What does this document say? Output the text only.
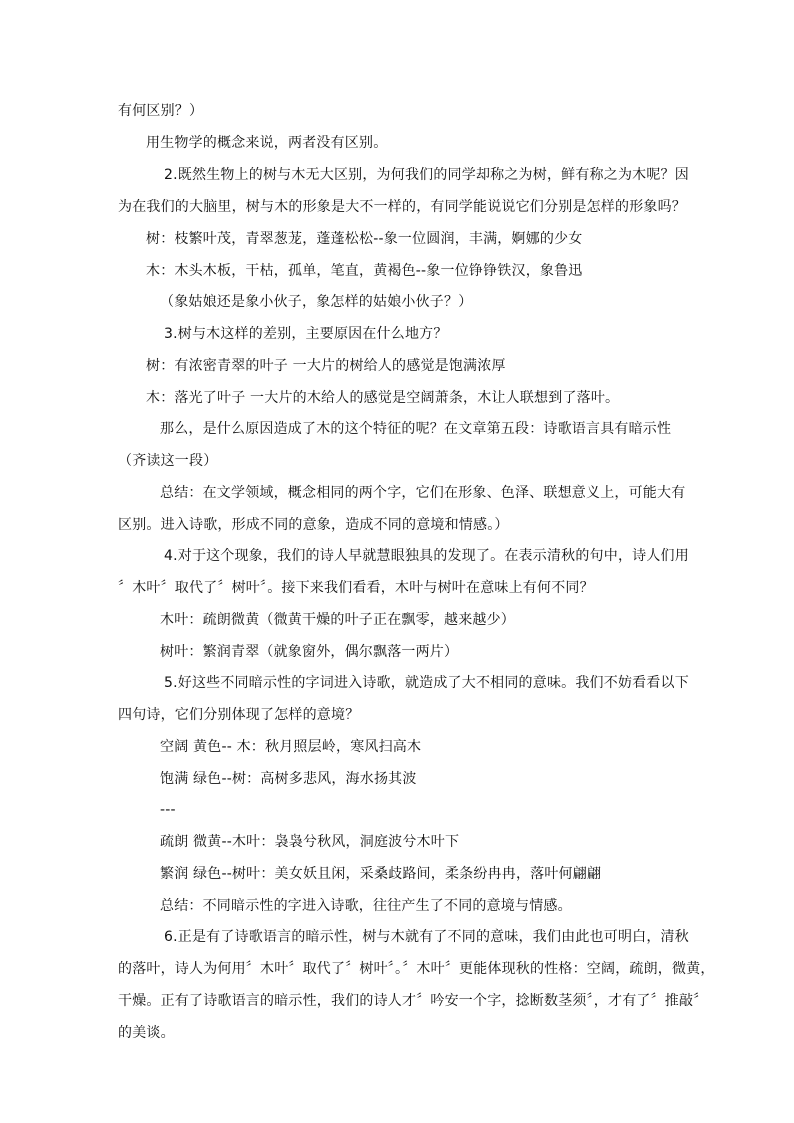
有何区别？）
用生物学的概念来说，两者没有区别。
2.既然生物上的树与木无大区别，为何我们的同学却称之为树，鲜有称之为木呢？因
为在我们的大脑里，树与木的形象是大不一样的，有同学能说说它们分别是怎样的形象吗？
树：枝繁叶茂，青翠葱茏，蓬蓬松松--象一位圆润，丰满，婀娜的少女
木：木头木板，干枯，孤单，笔直，黄褐色--象一位铮铮铁汉，象鲁迅
（象姑娘还是象小伙子，象怎样的姑娘小伙子？）
3.树与木这样的差别，主要原因在什么地方？
树：有浓密青翠的叶子 一大片的树给人的感觉是饱满浓厚
木：落光了叶子 一大片的木给人的感觉是空阔萧条，木让人联想到了落叶。
那么，是什么原因造成了木的这个特征的呢？在文章第五段：诗歌语言具有暗示性
（齐读这一段）
总结：在文学领域，概念相同的两个字，它们在形象、色泽、联想意义上，可能大有
区别。进入诗歌，形成不同的意象，造成不同的意境和情感。）
4.对于这个现象，我们的诗人早就慧眼独具的发现了。在表示清秋的句中，诗人们用
〞木叶〞取代了〞树叶〞。接下来我们看看，木叶与树叶在意味上有何不同？
木叶：疏朗微黄（微黄干燥的叶子正在飘零，越来越少）
树叶：繁润青翠（就象窗外，偶尔飘落一两片）
5.好这些不同暗示性的字词进入诗歌，就造成了大不相同的意味。我们不妨看看以下
四句诗，它们分别体现了怎样的意境？
空阔 黄色-- 木：秋月照层岭，寒风扫高木
饱满 绿色--树：高树多悲风，海水扬其波
---
疏朗 微黄--木叶：袅袅兮秋风，洞庭波兮木叶下
繁润 绿色--树叶：美女妖且闲，采桑歧路间，柔条纷冉冉，落叶何翩翩
总结：不同暗示性的字进入诗歌，往往产生了不同的意境与情感。
6.正是有了诗歌语言的暗示性，树与木就有了不同的意味，我们由此也可明白，清秋
的落叶，诗人为何用〞木叶〞取代了〞树叶〞。〞木叶〞更能体现秋的性格：空阔，疏朗，微黄，
干燥。正有了诗歌语言的暗示性，我们的诗人才〞吟安一个字，捻断数茎须〞，才有了〞推敲〞
的美谈。
